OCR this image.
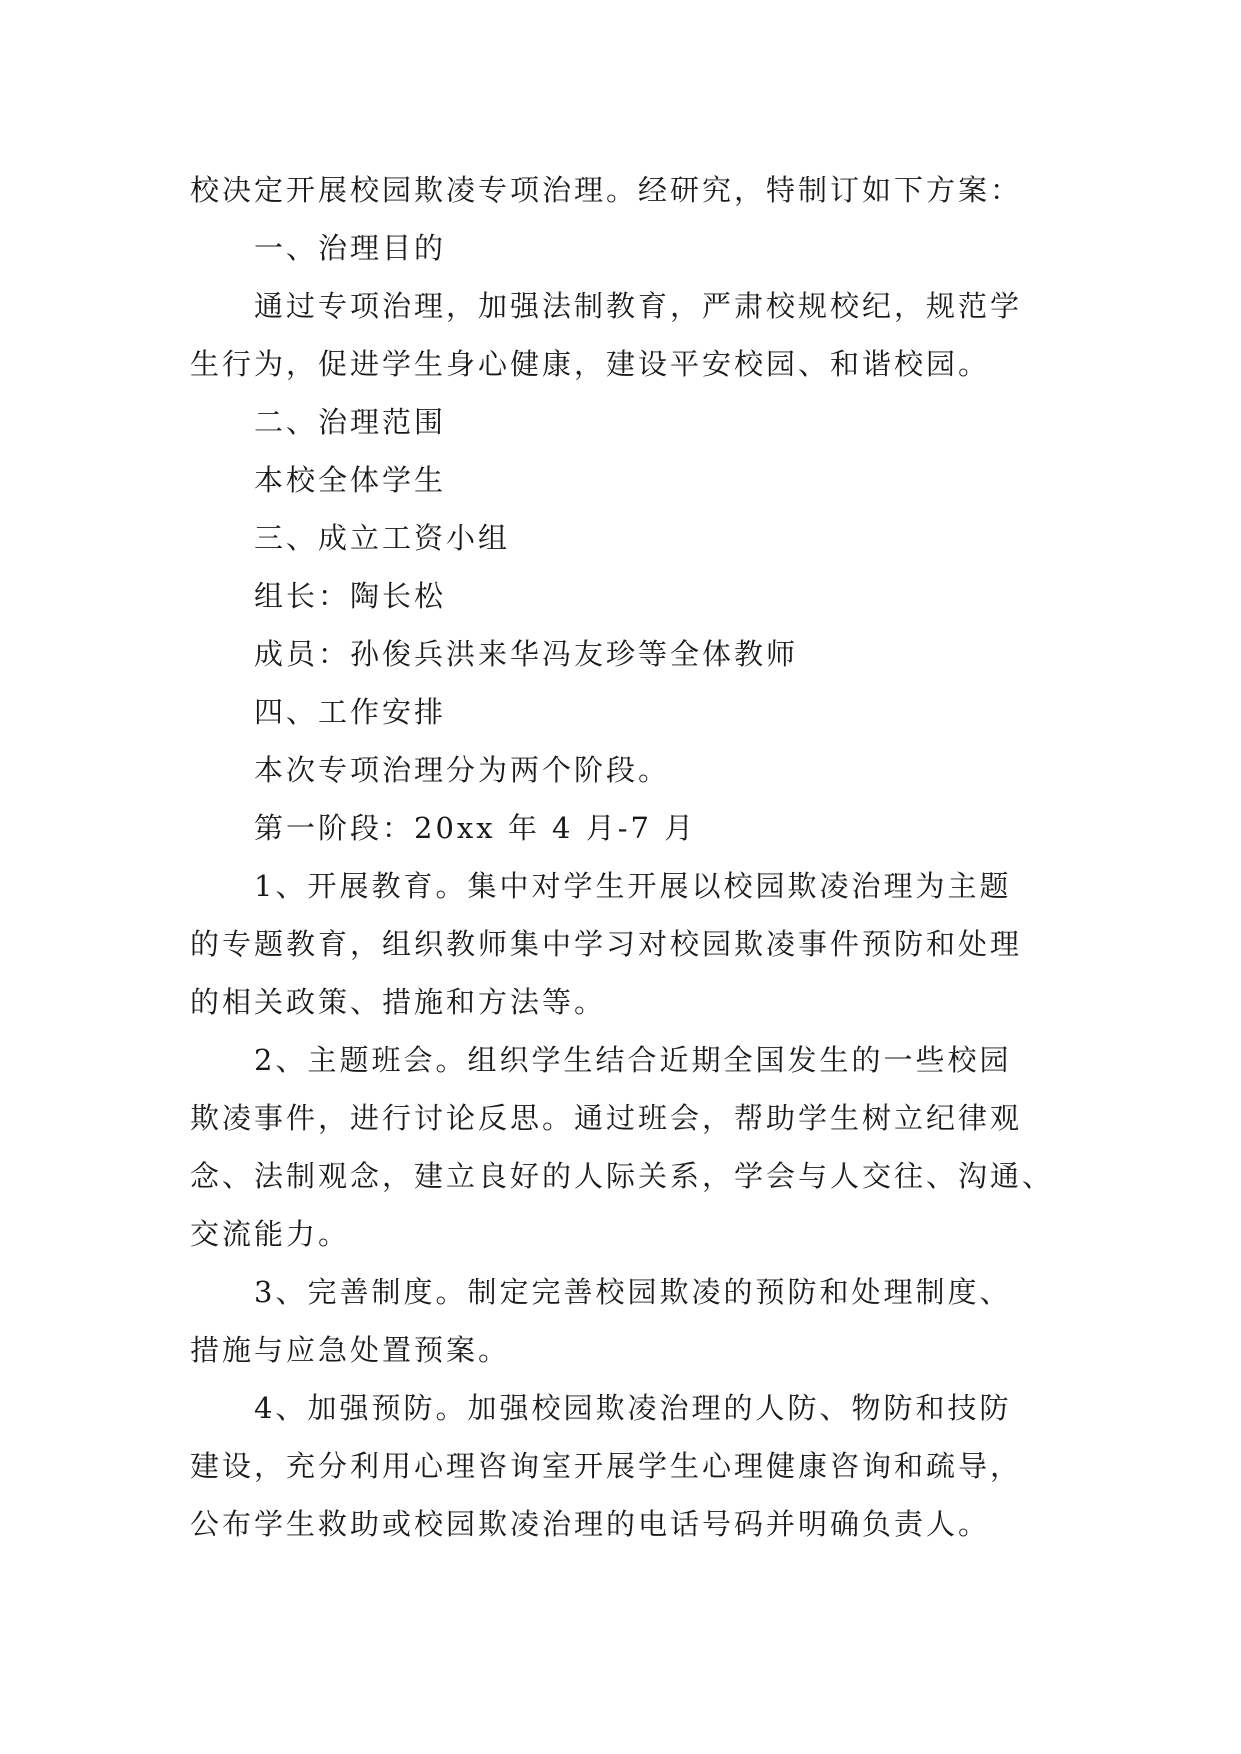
校决定开展校园欺凌专项治理。经研究，特制订如下方案：
一、治理目的
通过专项治理，加强法制教育，严肃校规校纪，规范学
生行为，促进学生身心健康，建设平安校园、和谐校园。
二、治理范围
本校全体学生
三、成立工资小组
组长：陶长松
成员：孙俊兵洪来华冯友珍等全体教师
四、工作安排
本次专项治理分为两个阶段。
第一阶段：20xx 年 4 月-7 月
1、开展教育。集中对学生开展以校园欺凌治理为主题
的专题教育，组织教师集中学习对校园欺凌事件预防和处理
的相关政策、措施和方法等。
2、主题班会。组织学生结合近期全国发生的一些校园
欺凌事件，进行讨论反思。通过班会，帮助学生树立纪律观
念、法制观念，建立良好的人际关系，学会与人交往、沟通、
交流能力。
3、完善制度。制定完善校园欺凌的预防和处理制度、
措施与应急处置预案。
4、加强预防。加强校园欺凌治理的人防、物防和技防
建设，充分利用心理咨询室开展学生心理健康咨询和疏导，
公布学生救助或校园欺凌治理的电话号码并明确负责人。
